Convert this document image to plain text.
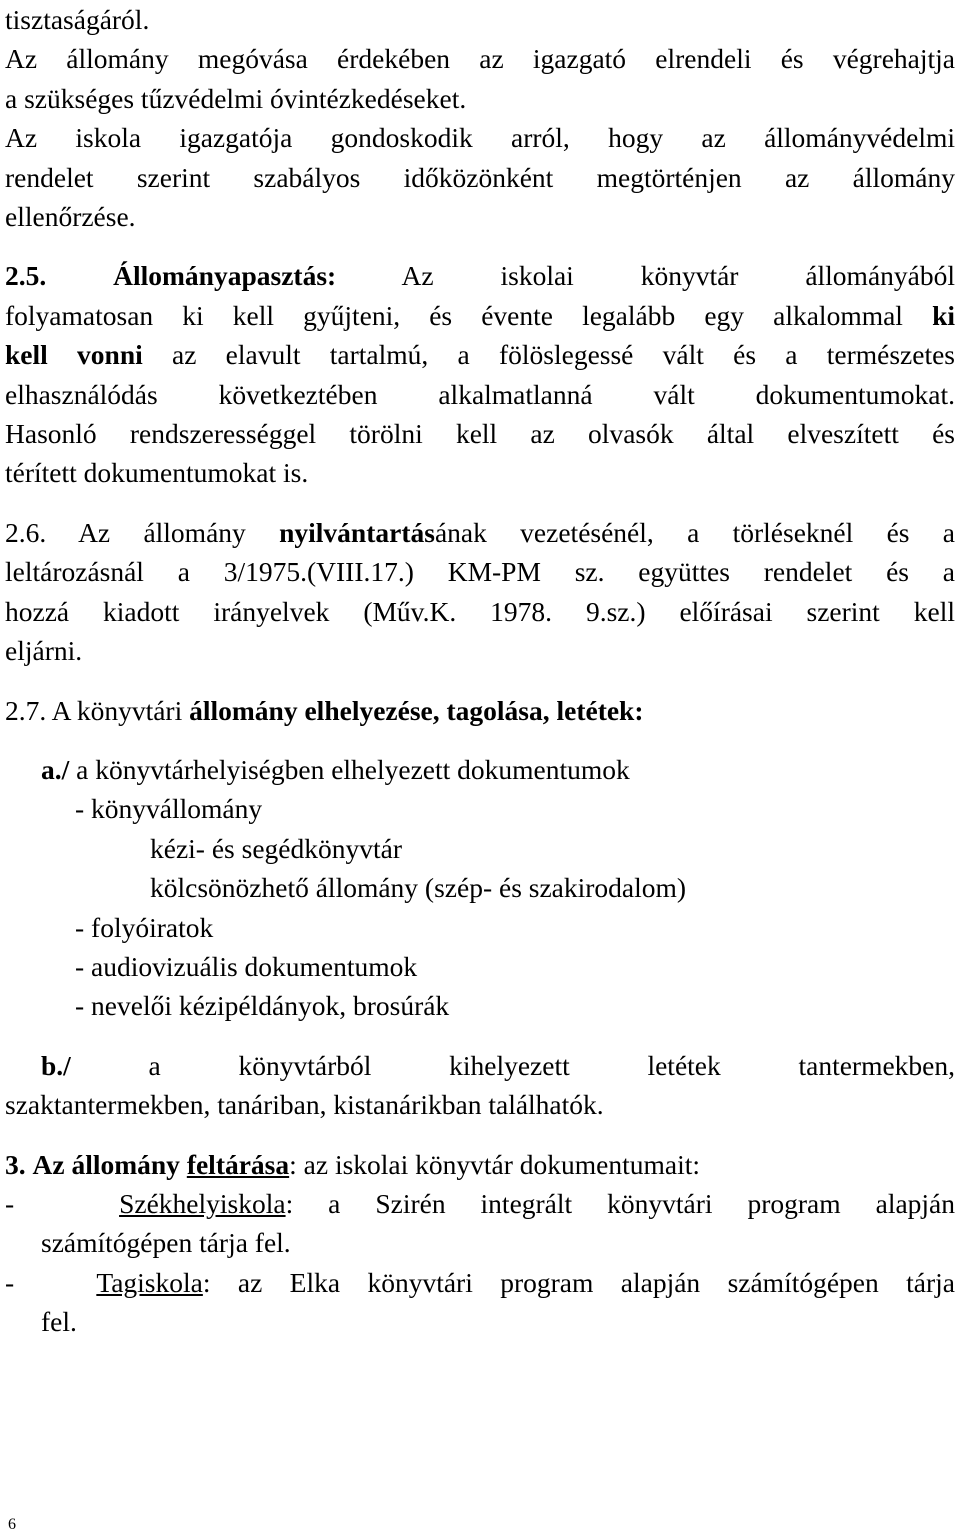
tisztaságáról.
Az állomány megóvása érdekében az igazgató elrendeli és végrehajtja
a szükséges tűzvédelmi óvintézkedéseket.
Az iskola igazgatója gondoskodik arról, hogy az állományvédelmi
rendelet szerint szabályos időközönként megtörténjen az állomány
ellenőrzése.
2.5. Állományapasztás: Az iskolai könyvtár állományából
folyamatosan ki kell gyűjteni, és évente legalább egy alkalommal ki
kell vonni az elavult tartalmú, a fölöslegessé vált és a természetes
elhasználódás következtében alkalmatlanná vált dokumentumokat.
Hasonló rendszerességgel törölni kell az olvasók által elveszített és
térített dokumentumokat is.
2.6. Az állomány nyilvántartásának vezetésénél, a törléseknél és a
leltározásnál a 3/1975.(VIII.17.) KM-PM sz. együttes rendelet és a
hozzá kiadott irányelvek (Műv.K. 1978. 9.sz.) előírásai szerint kell
eljárni.
2.7. A könyvtári állomány elhelyezése, tagolása, letétek:
a./ a könyvtárhelyiségben elhelyezett dokumentumok
- könyvállomány
kézi- és segédkönyvtár
kölcsönözhető állomány (szép- és szakirodalom)
- folyóiratok
- audiovizuális dokumentumok
- nevelői kézipéldányok, brosúrák
b./	a könyvtárból kihelyezett letétek tantermekben,
szaktantermekben, tanáriban, kistanárikban találhatók.
3. Az állomány feltárása: az iskolai könyvtár dokumentumait:
-	Székhelyiskola: a Szirén integrált könyvtári program alapján
számítógépen tárja fel.
-	Tagiskola: az Elka könyvtári program alapján számítógépen tárja
fel.
6
